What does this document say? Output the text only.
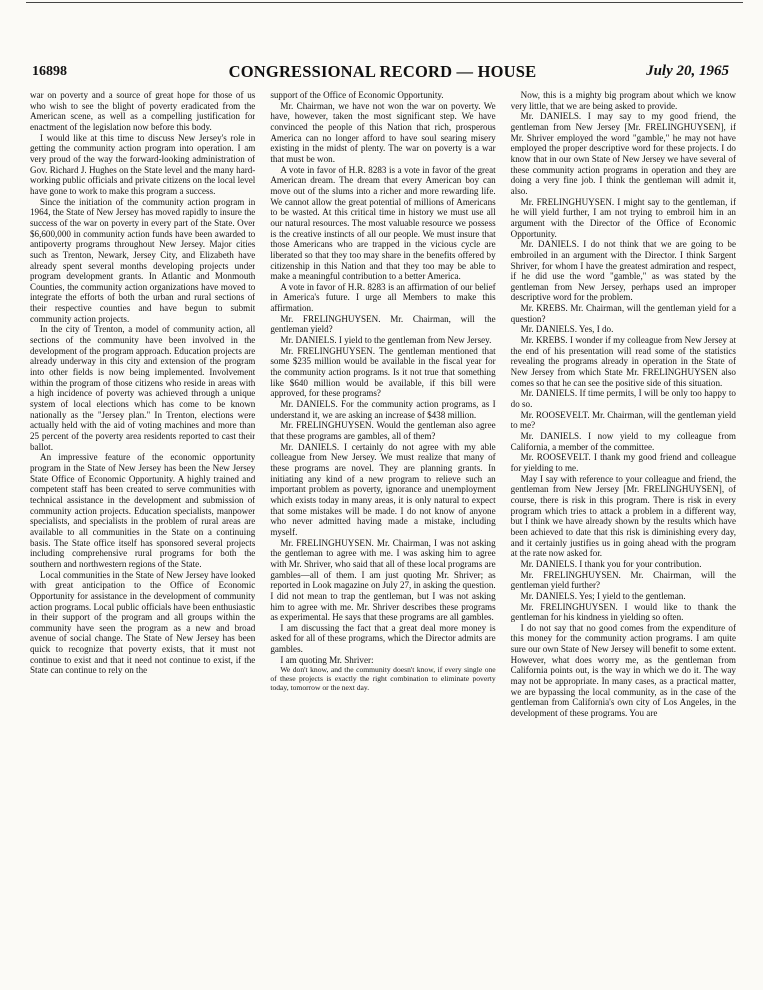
16898	CONGRESSIONAL RECORD — HOUSE	July 20, 1965

war on poverty and a source of great hope for those of us who wish to see the blight of poverty eradicated from the American scene, as well as a compelling justification for enactment of the legislation now before this body.

I would like at this time to discuss New Jersey's role in getting the community action program into operation. I am very proud of the way the forward-looking administration of Gov. Richard J. Hughes on the State level and the many hard-working public officials and private citizens on the local level have gone to work to make this program a success.

Since the initiation of the community action program in 1964, the State of New Jersey has moved rapidly to insure the success of the war on poverty in every part of the State. Over $6,600,000 in community action funds have been awarded to antipoverty programs throughout New Jersey. Major cities such as Trenton, Newark, Jersey City, and Elizabeth have already spent several months developing projects under program development grants. In Atlantic and Monmouth Counties, the community action organizations have moved to integrate the efforts of both the urban and rural sections of their respective counties and have begun to submit community action projects.

In the city of Trenton, a model of community action, all sections of the community have been involved in the development of the program approach. Education projects are already underway in this city and extension of the program into other fields is now being implemented. Involvement within the program of those citizens who reside in areas with a high incidence of poverty was achieved through a unique system of local elections which has come to be known nationally as the "Jersey plan." In Trenton, elections were actually held with the aid of voting machines and more than 25 percent of the poverty area residents reported to cast their ballot.

An impressive feature of the economic opportunity program in the State of New Jersey has been the New Jersey State Office of Economic Opportunity. A highly trained and competent staff has been created to serve communities with technical assistance in the development and submission of community action projects. Education specialists, manpower specialists, and specialists in the problem of rural areas are available to all communities in the State on a continuing basis. The State office itself has sponsored several projects including comprehensive rural programs for both the southern and northwestern regions of the State.

Local communities in the State of New Jersey have looked with great anticipation to the Office of Economic Opportunity for assistance in the development of community action programs. Local public officials have been enthusiastic in their support of the program and all groups within the community have seen the program as a new and broad avenue of social change. The State of New Jersey has been quick to recognize that poverty exists, that it must not continue to exist and that it need not continue to exist, if the State can continue to rely on the

support of the Office of Economic Opportunity.

Mr. Chairman, we have not won the war on poverty. We have, however, taken the most significant step. We have convinced the people of this Nation that rich, prosperous America can no longer afford to have soul searing misery existing in the midst of plenty. The war on poverty is a war that must be won.

A vote in favor of H.R. 8283 is a vote in favor of the great American dream. The dream that every American boy can move out of the slums into a richer and more rewarding life. We cannot allow the great potential of millions of Americans to be wasted. At this critical time in history we must use all our natural resources. The most valuable resource we possess is the creative instincts of all our people. We must insure that those Americans who are trapped in the vicious cycle are liberated so that they too may share in the benefits offered by citizenship in this Nation and that they too may be able to make a meaningful contribution to a better America.

A vote in favor of H.R. 8283 is an affirmation of our belief in America's future. I urge all Members to make this affirmation.

Mr. FRELINGHUYSEN. Mr. Chairman, will the gentleman yield?

Mr. DANIELS. I yield to the gentleman from New Jersey.

Mr. FRELINGHUYSEN. The gentleman mentioned that some $235 million would be available in the fiscal year for the community action programs. Is it not true that something like $640 million would be available, if this bill were approved, for these programs?

Mr. DANIELS. For the community action programs, as I understand it, we are asking an increase of $438 million.

Mr. FRELINGHUYSEN. Would the gentleman also agree that these programs are gambles, all of them?

Mr. DANIELS. I certainly do not agree with my able colleague from New Jersey. We must realize that many of these programs are novel. They are planning grants. In initiating any kind of a new program to relieve such an important problem as poverty, ignorance and unemployment which exists today in many areas, it is only natural to expect that some mistakes will be made. I do not know of anyone who never admitted having made a mistake, including myself.

Mr. FRELINGHUYSEN. Mr. Chairman, I was not asking the gentleman to agree with me. I was asking him to agree with Mr. Shriver, who said that all of these local programs are gambles—all of them. I am just quoting Mr. Shriver; as reported in Look magazine on July 27, in asking the question. I did not mean to trap the gentleman, but I was not asking him to agree with me. Mr. Shriver describes these programs as experimental. He says that these programs are all gambles.

I am discussing the fact that a great deal more money is asked for all of these programs, which the Director admits are gambles.

I am quoting Mr. Shriver:

We don't know, and the community doesn't know, if every single one of these projects is exactly the right combination to eliminate poverty today, tomorrow or the next day.

Now, this is a mighty big program about which we know very little, that we are being asked to provide.

Mr. DANIELS. I may say to my good friend, the gentleman from New Jersey [Mr. FRELINGHUYSEN], if Mr. Shriver employed the word "gamble," he may not have employed the proper descriptive word for these projects. I do know that in our own State of New Jersey we have several of these community action programs in operation and they are doing a very fine job. I think the gentleman will admit it, also.

Mr. FRELINGHUYSEN. I might say to the gentleman, if he will yield further, I am not trying to embroil him in an argument with the Director of the Office of Economic Opportunity.

Mr. DANIELS. I do not think that we are going to be embroiled in an argument with the Director. I think Sargent Shriver, for whom I have the greatest admiration and respect, if he did use the word "gamble," as was stated by the gentleman from New Jersey, perhaps used an improper descriptive word for the problem.

Mr. KREBS. Mr. Chairman, will the gentleman yield for a question?

Mr. DANIELS. Yes, I do.

Mr. KREBS. I wonder if my colleague from New Jersey at the end of his presentation will read some of the statistics revealing the programs already in operation in the State of New Jersey from which State Mr. FRELINGHUYSEN also comes so that he can see the positive side of this situation.

Mr. DANIELS. If time permits, I will be only too happy to do so.

Mr. ROOSEVELT. Mr. Chairman, will the gentleman yield to me?

Mr. DANIELS. I now yield to my colleague from California, a member of the committee.

Mr. ROOSEVELT. I thank my good friend and colleague for yielding to me.

May I say with reference to your colleague and friend, the gentleman from New Jersey [Mr. FRELINGHUYSEN], of course, there is risk in this program. There is risk in every program which tries to attack a problem in a different way, but I think we have already shown by the results which have been achieved to date that this risk is diminishing every day, and it certainly justifies us in going ahead with the program at the rate now asked for.

Mr. DANIELS. I thank you for your contribution.

Mr. FRELINGHUYSEN. Mr. Chairman, will the gentleman yield further?

Mr. DANIELS. Yes; I yield to the gentleman.

Mr. FRELINGHUYSEN. I would like to thank the gentleman for his kindness in yielding so often.

I do not say that no good comes from the expenditure of this money for the community action programs. I am quite sure our own State of New Jersey will benefit to some extent. However, what does worry me, as the gentleman from California points out, is the way in which we do it. The way may not be appropriate. In many cases, as a practical matter, we are bypassing the local community, as in the case of the gentleman from California's own city of Los Angeles, in the development of these programs. You are
